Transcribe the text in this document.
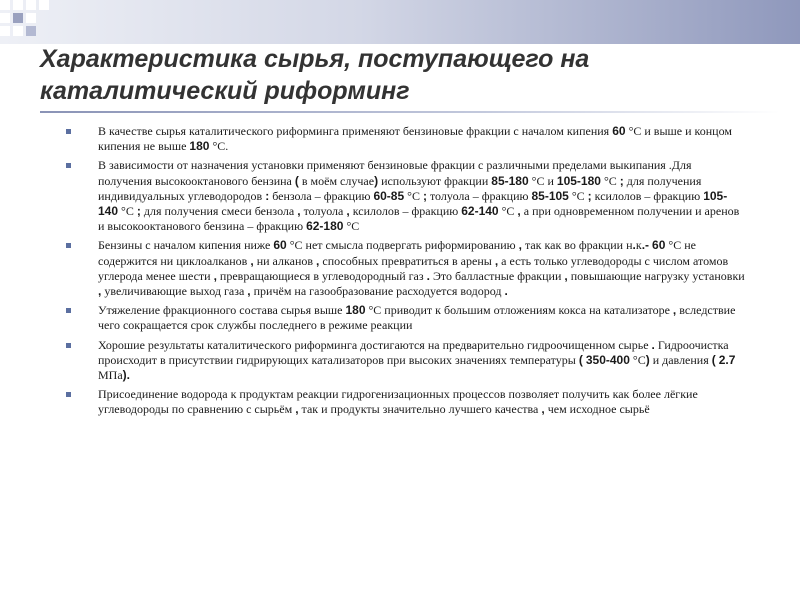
Характеристика сырья, поступающего на каталитический риформинг
В качестве сырья каталитического риформинга применяют бензиновые фракции с началом кипения 60 °С и выше и концом кипения не выше 180 °С.
В зависимости от назначения установки применяют бензиновые фракции с различными пределами выкипания .Для получения высокооктанового бензина ( в моём случае) используют фракции 85-180 °С и 105-180 °С ; для получения индивидуальных углеводородов : бензола – фракцию 60-85 °С ; толуола – фракцию 85-105 °С ; ксилолов – фракцию 105-140 °С ; для получения смеси бензола , толуола , ксилолов – фракцию 62-140 °С , а при одновременном получении и аренов и высокооктанового бензина – фракцию 62-180 °С
Бензины с началом кипения ниже 60 °С нет смысла подвергать риформированию , так как во фракции н.к.- 60 °С не содержится ни циклоалканов , ни алканов , способных превратиться в арены , а есть только углеводороды с числом атомов углерода менее шести , превращающиеся в углеводородный газ . Это балластные фракции , повышающие нагрузку установки , увеличивающие выход газа , причём на газообразование расходуется водород .
Утяжеление фракционного состава сырья выше 180 °С приводит к большим отложениям кокса на катализаторе , вследствие чего сокращается срок службы последнего в режиме реакции
Хорошие результаты каталитического риформинга достигаются на предварительно гидроочищенном сырье . Гидроочистка происходит в присутствии гидрирующих катализаторов при высоких значениях температуры ( 350-400 °С) и давления ( 2.7 МПа).
Присоединение водорода к продуктам реакции гидрогенизационных процессов позволяет получить как более лёгкие углеводороды по сравнению с сырьём , так и продукты значительно лучшего качества , чем исходное сырьё
